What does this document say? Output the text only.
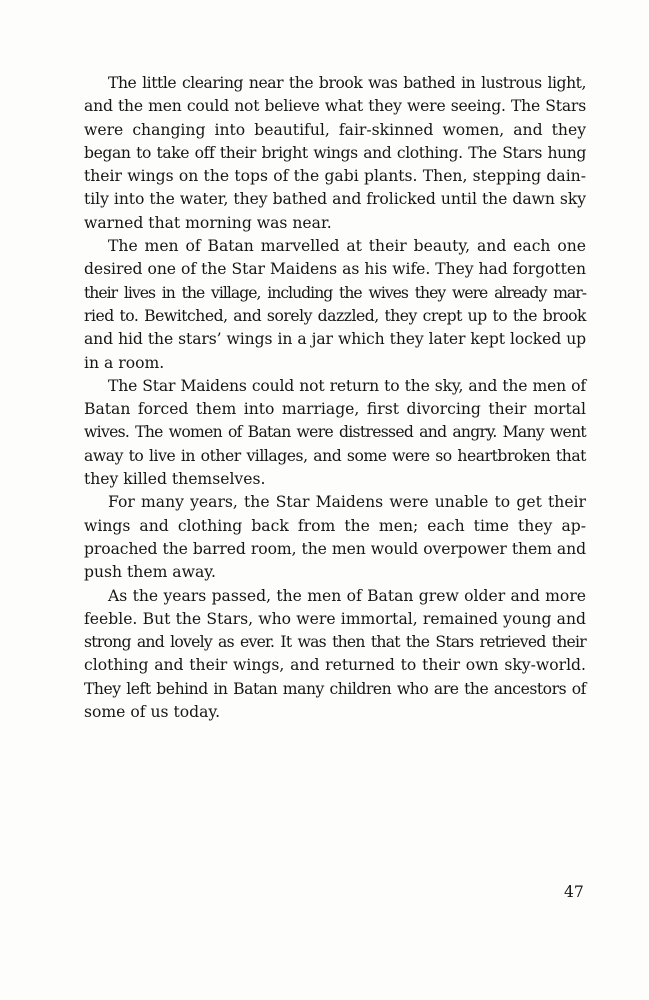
The little clearing near the brook was bathed in lustrous light,
and the men could not believe what they were seeing. The Stars
were changing into beautiful, fair-skinned women, and they
began to take off their bright wings and clothing. The Stars hung
their wings on the tops of the gabi plants. Then, stepping dain-
tily into the water, they bathed and frolicked until the dawn sky
warned that morning was near.
The men of Batan marvelled at their beauty, and each one
desired one of the Star Maidens as his wife. They had forgotten
their lives in the village, including the wives they were already mar-
ried to. Bewitched, and sorely dazzled, they crept up to the brook
and hid the stars’ wings in a jar which they later kept locked up
in a room.
The Star Maidens could not return to the sky, and the men of
Batan forced them into marriage, first divorcing their mortal
wives. The women of Batan were distressed and angry. Many went
away to live in other villages, and some were so heartbroken that
they killed themselves.
For many years, the Star Maidens were unable to get their
wings and clothing back from the men; each time they ap-
proached the barred room, the men would overpower them and
push them away.
As the years passed, the men of Batan grew older and more
feeble. But the Stars, who were immortal, remained young and
strong and lovely as ever. It was then that the Stars retrieved their
clothing and their wings, and returned to their own sky-world.
They left behind in Batan many children who are the ancestors of
some of us today.
47
